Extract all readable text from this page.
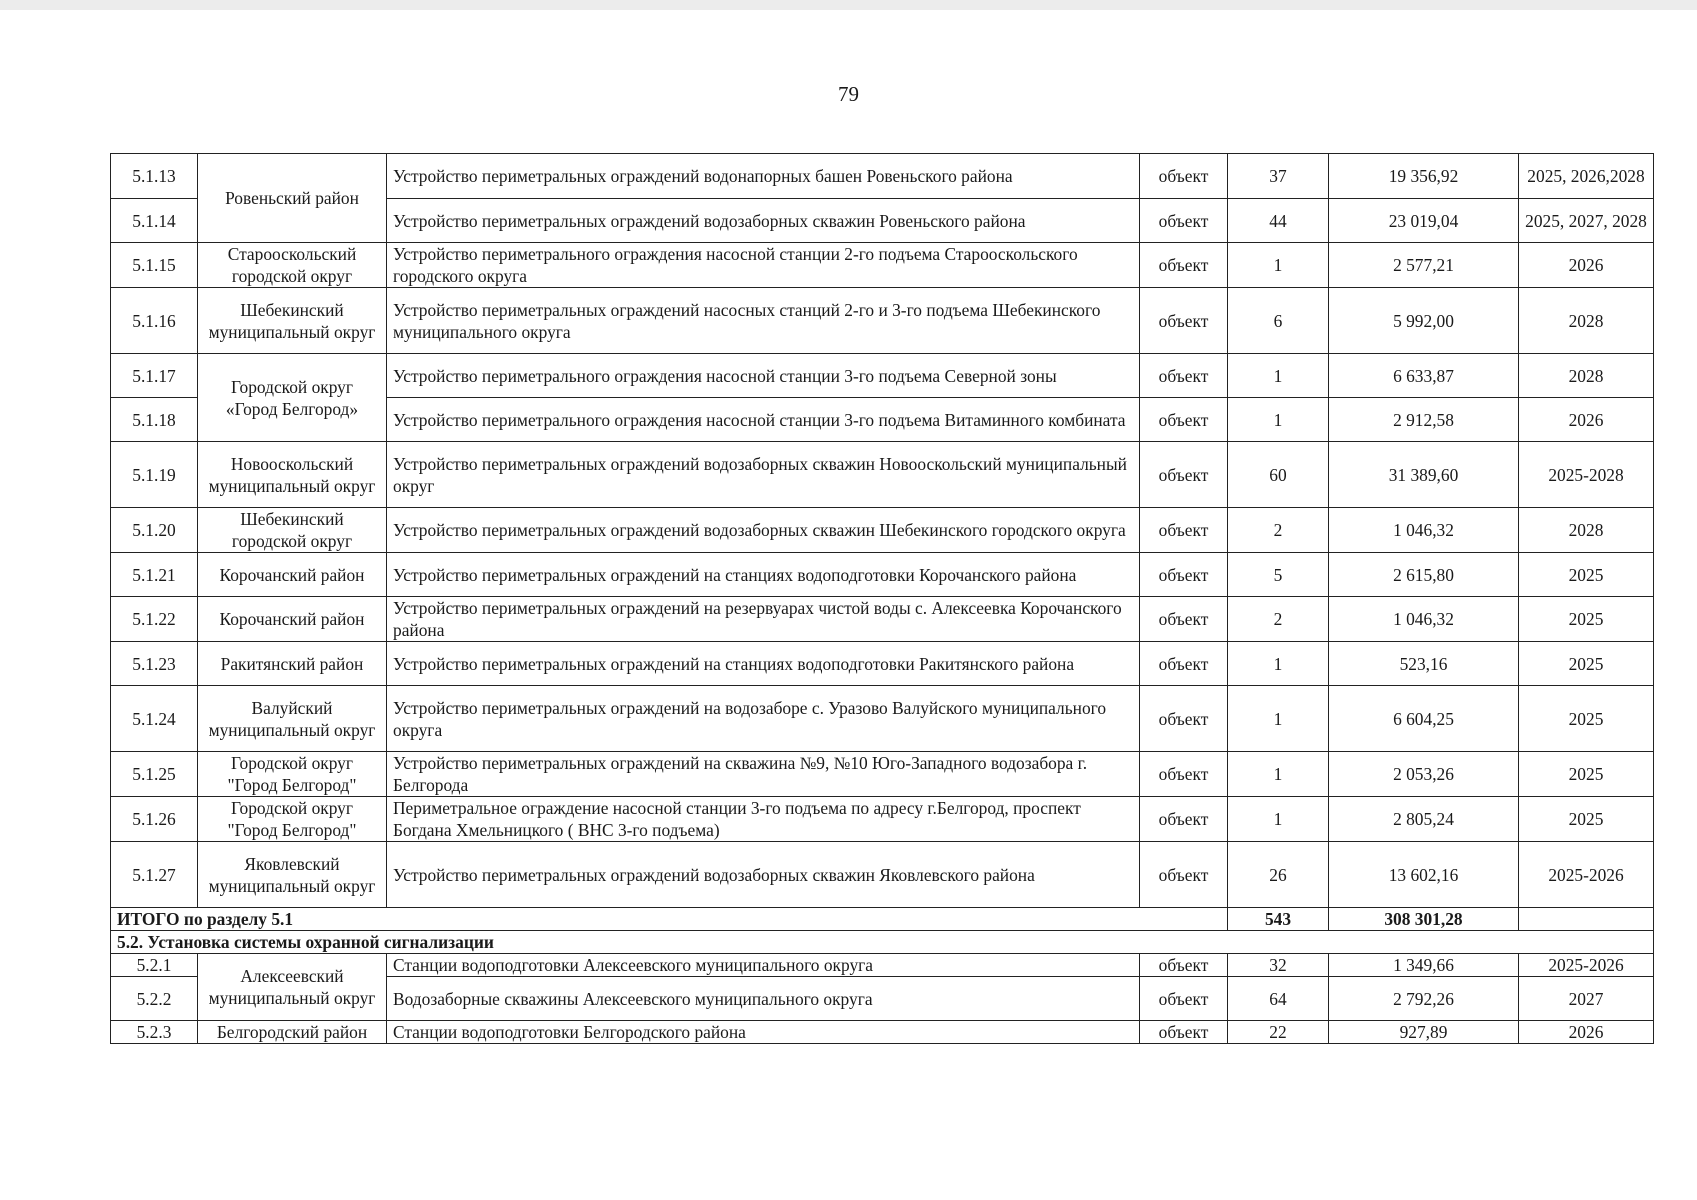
79
5.1.13	Ровеньский район	Устройство периметральных ограждений водонапорных башен Ровеньского района	объект	37	19 356,92	2025, 2026,2028
5.1.14		Устройство периметральных ограждений водозаборных скважин Ровеньского района	объект	44	23 019,04	2025, 2027, 2028
5.1.15	Старооскольский городской округ	Устройство периметрального ограждения насосной станции 2-го подъема Старооскольского городского округа	объект	1	2 577,21	2026
5.1.16	Шебекинский муниципальный округ	Устройство периметральных ограждений насосных станций 2-го и 3-го подъема Шебекинского муниципального округа	объект	6	5 992,00	2028
5.1.17	Городской округ «Город Белгород»	Устройство периметрального ограждения насосной станции 3-го подъема Северной зоны	объект	1	6 633,87	2028
5.1.18		Устройство периметрального ограждения насосной станции 3-го подъема Витаминного комбината	объект	1	2 912,58	2026
5.1.19	Новооскольский муниципальный округ	Устройство периметральных ограждений водозаборных скважин Новооскольский муниципальный округ	объект	60	31 389,60	2025-2028
5.1.20	Шебекинский городской округ	Устройство периметральных ограждений водозаборных скважин Шебекинского городского округа	объект	2	1 046,32	2028
5.1.21	Корочанский район	Устройство периметральных ограждений на станциях водоподготовки Корочанского района	объект	5	2 615,80	2025
5.1.22	Корочанский район	Устройство периметральных ограждений на резервуарах чистой воды с. Алексеевка Корочанского района	объект	2	1 046,32	2025
5.1.23	Ракитянский район	Устройство периметральных ограждений на станциях водоподготовки Ракитянского района	объект	1	523,16	2025
5.1.24	Валуйский муниципальный округ	Устройство периметральных ограждений на водозаборе с. Уразово Валуйского муниципального округа	объект	1	6 604,25	2025
5.1.25	Городской округ "Город Белгород"	Устройство периметральных ограждений на скважина №9, №10 Юго-Западного водозабора г. Белгорода	объект	1	2 053,26	2025
5.1.26	Городской округ "Город Белгород"	Периметральное ограждение насосной станции 3-го подъема по адресу г.Белгород, проспект Богдана Хмельницкого ( ВНС 3-го подъема)	объект	1	2 805,24	2025
5.1.27	Яковлевский муниципальный округ	Устройство периметральных ограждений водозаборных скважин Яковлевского района	объект	26	13 602,16	2025-2026
ИТОГО по разделу 5.1				543	308 301,28	
5.2. Установка системы охранной сигнализации						
5.2.1	Алексеевский муниципальный округ	Станции водоподготовки Алексеевского муниципального округа	объект	32	1 349,66	2025-2026
5.2.2		Водозаборные скважины Алексеевского муниципального округа	объект	64	2 792,26	2027
5.2.3	Белгородский район	Станции водоподготовки Белгородского района	объект	22	927,89	2026
